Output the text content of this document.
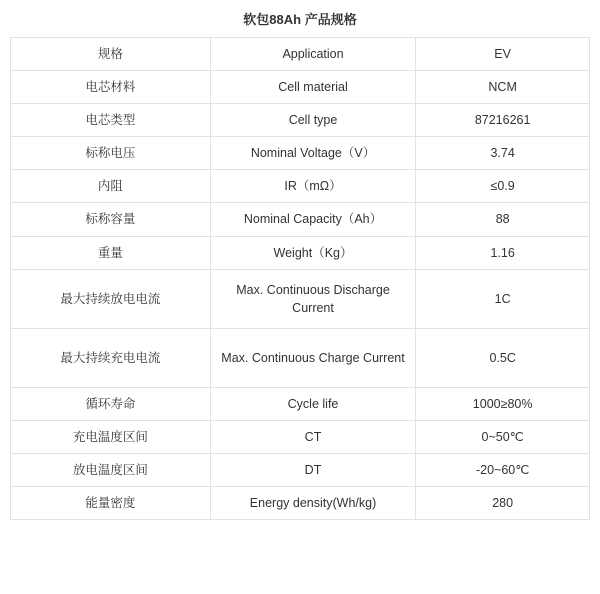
软包88Ah 产品规格		
规格	Application	EV
电芯材料	Cell material	NCM
电芯类型	Cell type	87216261
标称电压	Nominal Voltage（V）	3.74
内阻	IR（mΩ）	≤0.9
标称容量	Nominal Capacity（Ah）	88
重量	Weight（Kg）	1.16
最大持续放电电流	Max. Continuous Discharge Current	1C
最大持续充电电流	Max. Continuous Charge Current	0.5C
循环寿命	Cycle life	1000≥80%
充电温度区间	CT	0~50℃
放电温度区间	DT	-20~60℃
能量密度	Energy density(Wh/kg)	280
